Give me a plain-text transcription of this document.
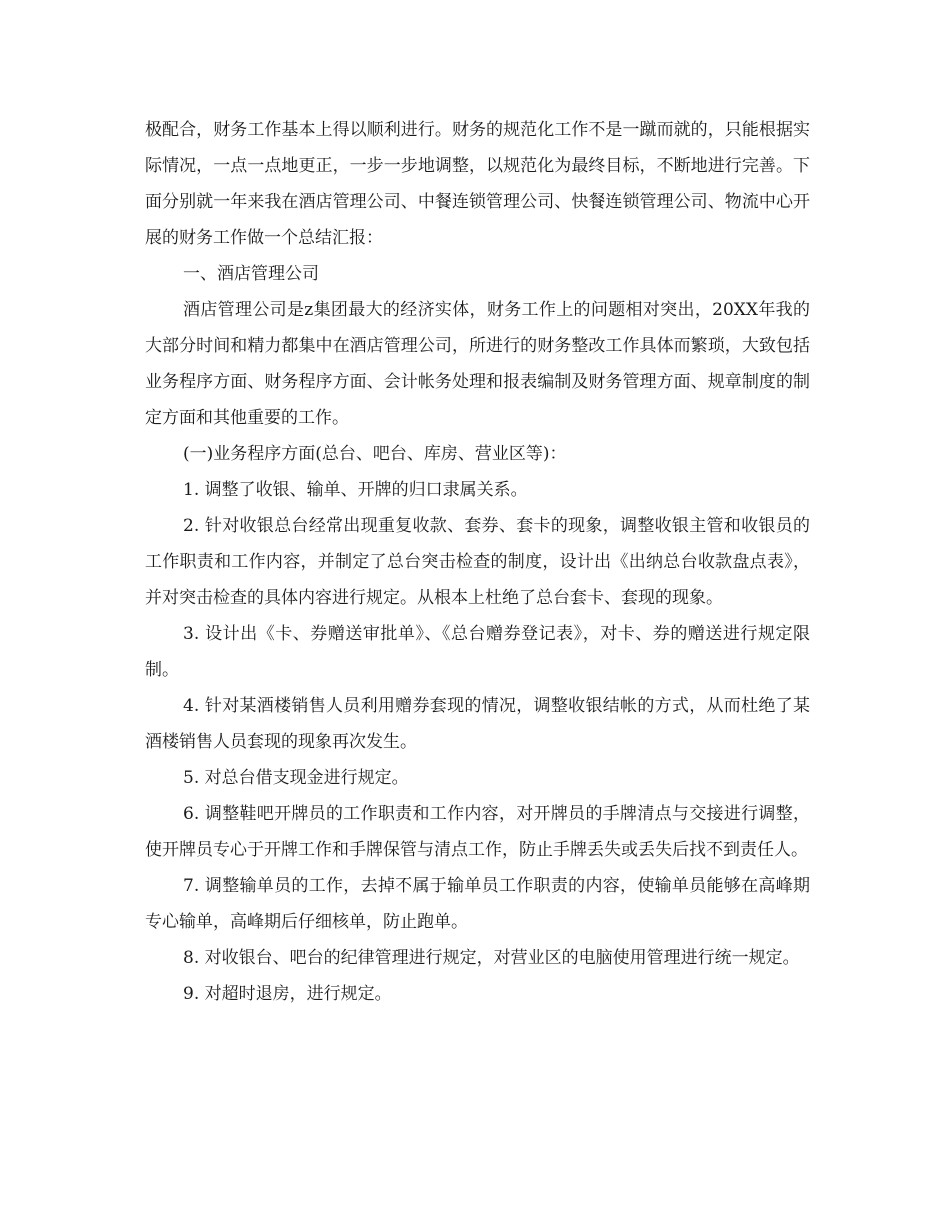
极配合，财务工作基本上得以顺利进行。财务的规范化工作不是一蹴而就的，只能根据实际情况，一点一点地更正，一步一步地调整，以规范化为最终目标，不断地进行完善。下面分别就一年来我在酒店管理公司、中餐连锁管理公司、快餐连锁管理公司、物流中心开展的财务工作做一个总结汇报：

一、酒店管理公司

酒店管理公司是z集团最大的经济实体，财务工作上的问题相对突出，20XX年我的大部分时间和精力都集中在酒店管理公司，所进行的财务整改工作具体而繁琐，大致包括业务程序方面、财务程序方面、会计帐务处理和报表编制及财务管理方面、规章制度的制定方面和其他重要的工作。

(一)业务程序方面(总台、吧台、库房、营业区等)：

1. 调整了收银、输单、开牌的归口隶属关系。

2. 针对收银总台经常出现重复收款、套券、套卡的现象，调整收银主管和收银员的工作职责和工作内容，并制定了总台突击检查的制度，设计出《出纳总台收款盘点表》，并对突击检查的具体内容进行规定。从根本上杜绝了总台套卡、套现的现象。

3. 设计出《卡、券赠送审批单》、《总台赠券登记表》，对卡、券的赠送进行规定限制。

4. 针对某酒楼销售人员利用赠券套现的情况，调整收银结帐的方式，从而杜绝了某酒楼销售人员套现的现象再次发生。

5. 对总台借支现金进行规定。

6. 调整鞋吧开牌员的工作职责和工作内容，对开牌员的手牌清点与交接进行调整，使开牌员专心于开牌工作和手牌保管与清点工作，防止手牌丢失或丢失后找不到责任人。

7. 调整输单员的工作，去掉不属于输单员工作职责的内容，使输单员能够在高峰期专心输单，高峰期后仔细核单，防止跑单。

8. 对收银台、吧台的纪律管理进行规定，对营业区的电脑使用管理进行统一规定。

9. 对超时退房，进行规定。
